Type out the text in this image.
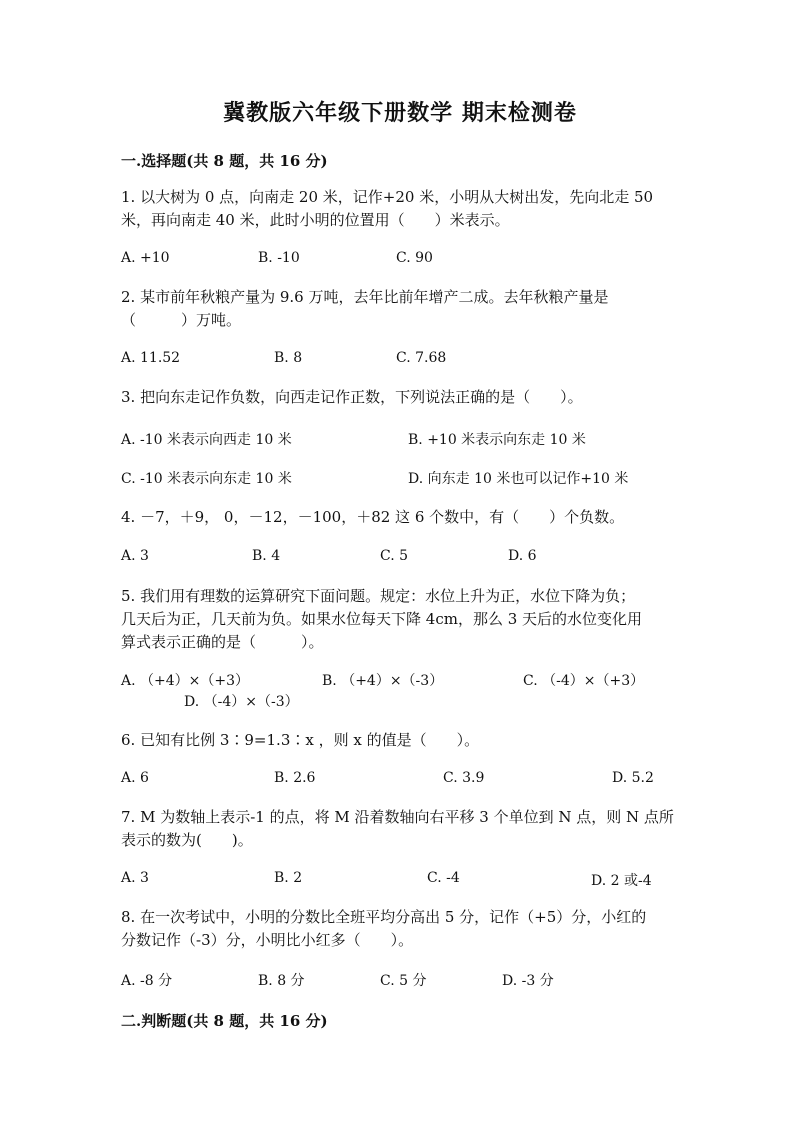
冀教版六年级下册数学 期末检测卷
一.选择题(共 8 题，共 16 分)
1. 以大树为 0 点，向南走 20 米，记作+20 米，小明从大树出发，先向北走 50
米，再向南走 40 米，此时小明的位置用（　　）米表示。
A. +10	B. -10	C. 90
2. 某市前年秋粮产量为 9.6 万吨，去年比前年增产二成。去年秋粮产量是
（　　　）万吨。
A. 11.52	B. 8	C. 7.68
3. 把向东走记作负数，向西走记作正数，下列说法正确的是（　　）。
A. -10 米表示向西走 10 米	B. +10 米表示向东走 10 米
C. -10 米表示向东走 10 米	D. 向东走 10 米也可以记作+10 米
4. －7，＋9， 0，－12，－100，＋82 这 6 个数中，有（　　）个负数。
A. 3	B. 4	C. 5	D. 6
5. 我们用有理数的运算研究下面问题。规定：水位上升为正，水位下降为负；
几天后为正，几天前为负。如果水位每天下降 4cm，那么 3 天后的水位变化用
算式表示正确的是（　　　）。
A. （+4）×（+3）	B. （+4）×（-3）	C. （-4）×（+3）
D. （-4）×（-3）
6. 已知有比例 3∶9=1.3∶x ，则 x 的值是（　　）。
A. 6	B. 2.6	C. 3.9	D. 5.2
7. M 为数轴上表示-1 的点，将 M 沿着数轴向右平移 3 个单位到 N 点，则 N 点所
表示的数为(　　)。
A. 3	B. 2	C. -4	D. 2 或-4
8. 在一次考试中，小明的分数比全班平均分高出 5 分，记作（+5）分，小红的
分数记作（-3）分，小明比小红多（　　）。
A. -8 分	B. 8 分	C. 5 分	D. -3 分
二.判断题(共 8 题，共 16 分)
